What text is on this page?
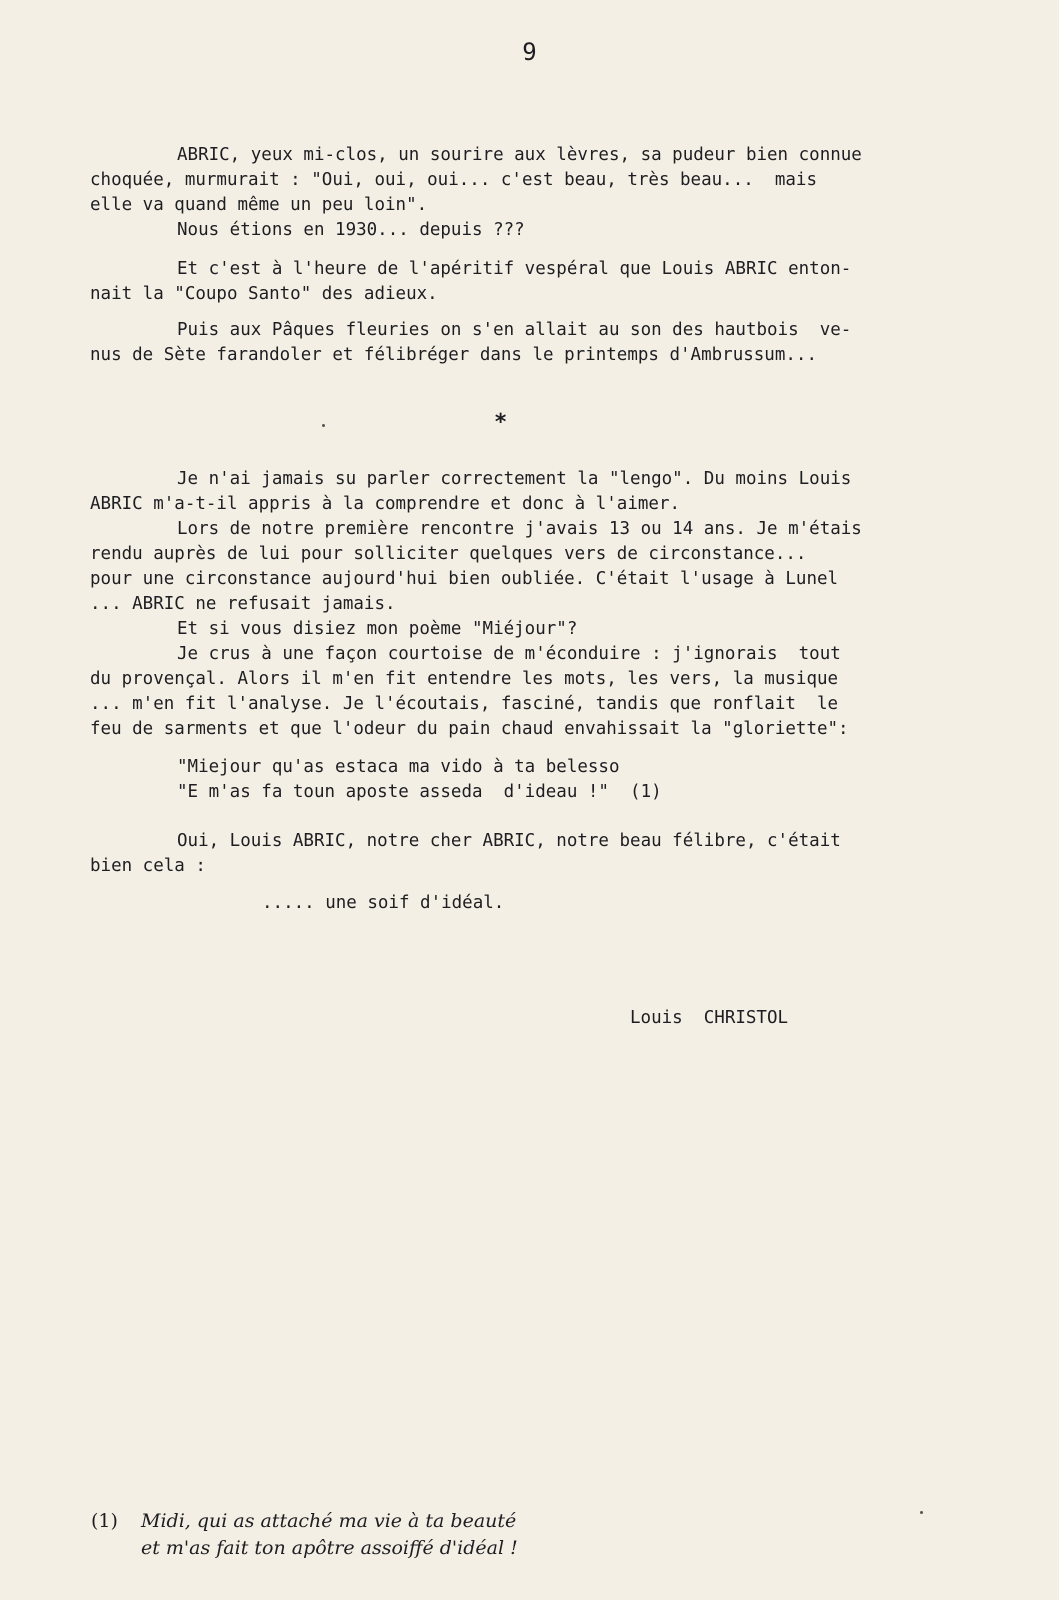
9
ABRIC, yeux mi-clos, un sourire aux lèvres, sa pudeur bien connue
choquée, murmurait : "Oui, oui, oui... c'est beau, très beau...  mais
elle va quand même un peu loin".
Nous étions en 1930... depuis ???
Et c'est à l'heure de l'apéritif vespéral que Louis ABRIC enton-
nait la "Coupo Santo" des adieux.
Puis aux Pâques fleuries on s'en allait au son des hautbois  ve-
nus de Sète farandoler et félibréger dans le printemps d'Ambrussum...
*
Je n'ai jamais su parler correctement la "lengo". Du moins Louis
ABRIC m'a-t-il appris à la comprendre et donc à l'aimer.
Lors de notre première rencontre j'avais 13 ou 14 ans. Je m'étais
rendu auprès de lui pour solliciter quelques vers de circonstance...
pour une circonstance aujourd'hui bien oubliée. C'était l'usage à Lunel
... ABRIC ne refusait jamais.
Et si vous disiez mon poème "Miéjour"?
Je crus à une façon courtoise de m'éconduire : j'ignorais  tout
du provençal. Alors il m'en fit entendre les mots, les vers, la musique
... m'en fit l'analyse. Je l'écoutais, fasciné, tandis que ronflait  le
feu de sarments et que l'odeur du pain chaud envahissait la "gloriette":
"Miejour qu'as estaca ma vido à ta belesso
"E m'as fa toun aposte asseda  d'ideau !"  (1)
Oui, Louis ABRIC, notre cher ABRIC, notre beau félibre, c'était
bien cela :
..... une soif d'idéal.
Louis  CHRISTOL
(1) Midi, qui as attaché ma vie à ta beauté
et m'as fait ton apôtre assoiffé d'idéal !
